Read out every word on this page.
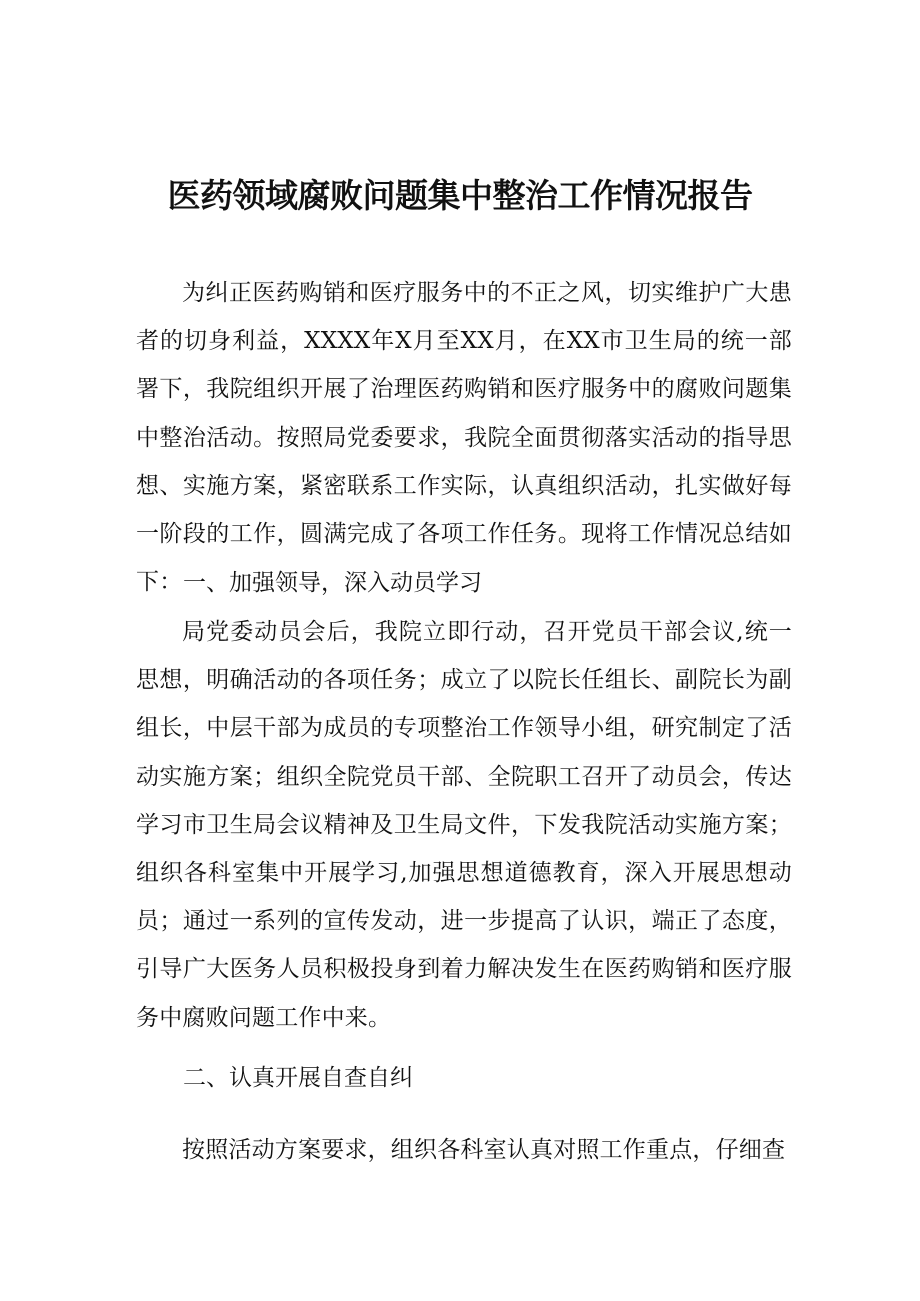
医药领域腐败问题集中整治工作情况报告

为纠正医药购销和医疗服务中的不正之风，切实维护广大患者的切身利益，XXXX年X月至XX月，在XX市卫生局的统一部署下，我院组织开展了治理医药购销和医疗服务中的腐败问题集中整治活动。按照局党委要求，我院全面贯彻落实活动的指导思想、实施方案，紧密联系工作实际，认真组织活动，扎实做好每一阶段的工作，圆满完成了各项工作任务。现将工作情况总结如下： 一、加强领导，深入动员学习

局党委动员会后，我院立即行动，召开党员干部会议,统一思想，明确活动的各项任务；成立了以院长任组长、副院长为副组长，中层干部为成员的专项整治工作领导小组，研究制定了活动实施方案；组织全院党员干部、全院职工召开了动员会，传达学习市卫生局会议精神及卫生局文件，下发我院活动实施方案；组织各科室集中开展学习,加强思想道德教育，深入开展思想动员；通过一系列的宣传发动，进一步提高了认识，端正了态度，引导广大医务人员积极投身到着力解决发生在医药购销和医疗服务中腐败问题工作中来。

二、认真开展自查自纠

按照活动方案要求，组织各科室认真对照工作重点，仔细查
